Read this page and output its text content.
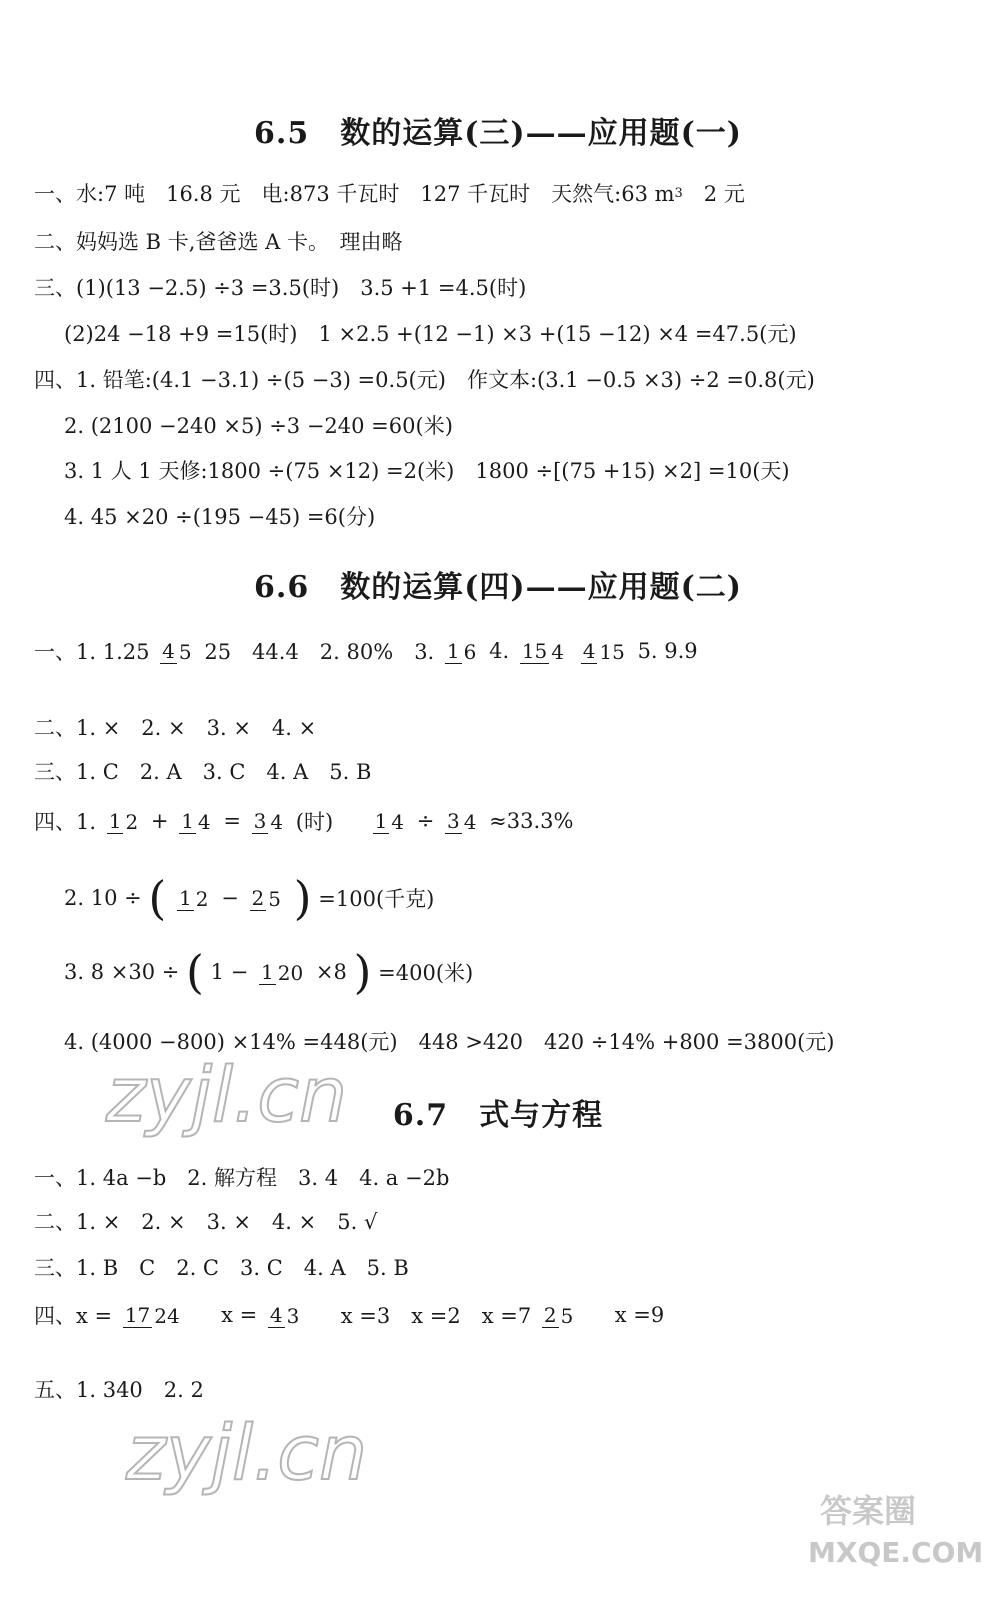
6.5　数的运算(三)——应用题(一)
一、水:7 吨　16.8 元　电:873 千瓦时　127 千瓦时　天然气:63 m3　2 元
二、妈妈选 B 卡,爸爸选 A 卡。　理由略
三、(1)(13 −2.5) ÷3 =3.5(时)　3.5 +1 =4.5(时)
(2)24 −18 +9 =15(时)　1 ×2.5 +(12 −1) ×3 +(15 −12) ×4 =47.5(元)
四、1. 铅笔:(4.1 −3.1) ÷(5 −3) =0.5(元)　作文本:(3.1 −0.5 ×3) ÷2 =0.8(元)
2. (2100 −240 ×5) ÷3 −240 =60(米)
3. 1 人 1 天修:1800 ÷(75 ×12) =2(米)　1800 ÷[(75 +15) ×2] =10(天)
4. 45 ×20 ÷(195 −45) =6(分)
6.6　数的运算(四)——应用题(二)
一、1. 1.25 4 5 25　44.4　2. 80%　3. 1 6 4. 15 4 4 15 5. 9.9
二、1. ×　2. ×　3. ×　4. ×
三、1. C　2. A　3. C　4. A　5. B
四、1. 1 2 + 1 4 = 3 4 (时) 1 4 ÷ 3 4 ≈33.3%
2. 10 ÷ ( 1 2 − 2 5 ) =100(千克)
3. 8 ×30 ÷ ( 1 − 1 20 ×8 ) =400(米)
4. (4000 −800) ×14% =448(元)　448 >420　420 ÷14% +800 =3800(元)
6.7　式与方程
一、1. 4a −b　2. 解方程　3. 4　4. a −2b
二、1. ×　2. ×　3. ×　4. ×　5. √
三、1. B　C　2. C　3. C　4. A　5. B
四、x = 17 24 x = 4 3 x =3　x =2　x =7 2 5 x =9
五、1. 340　2. 2
zyjl.cn
zyjl.cn
答案圈
MXQE.COM
